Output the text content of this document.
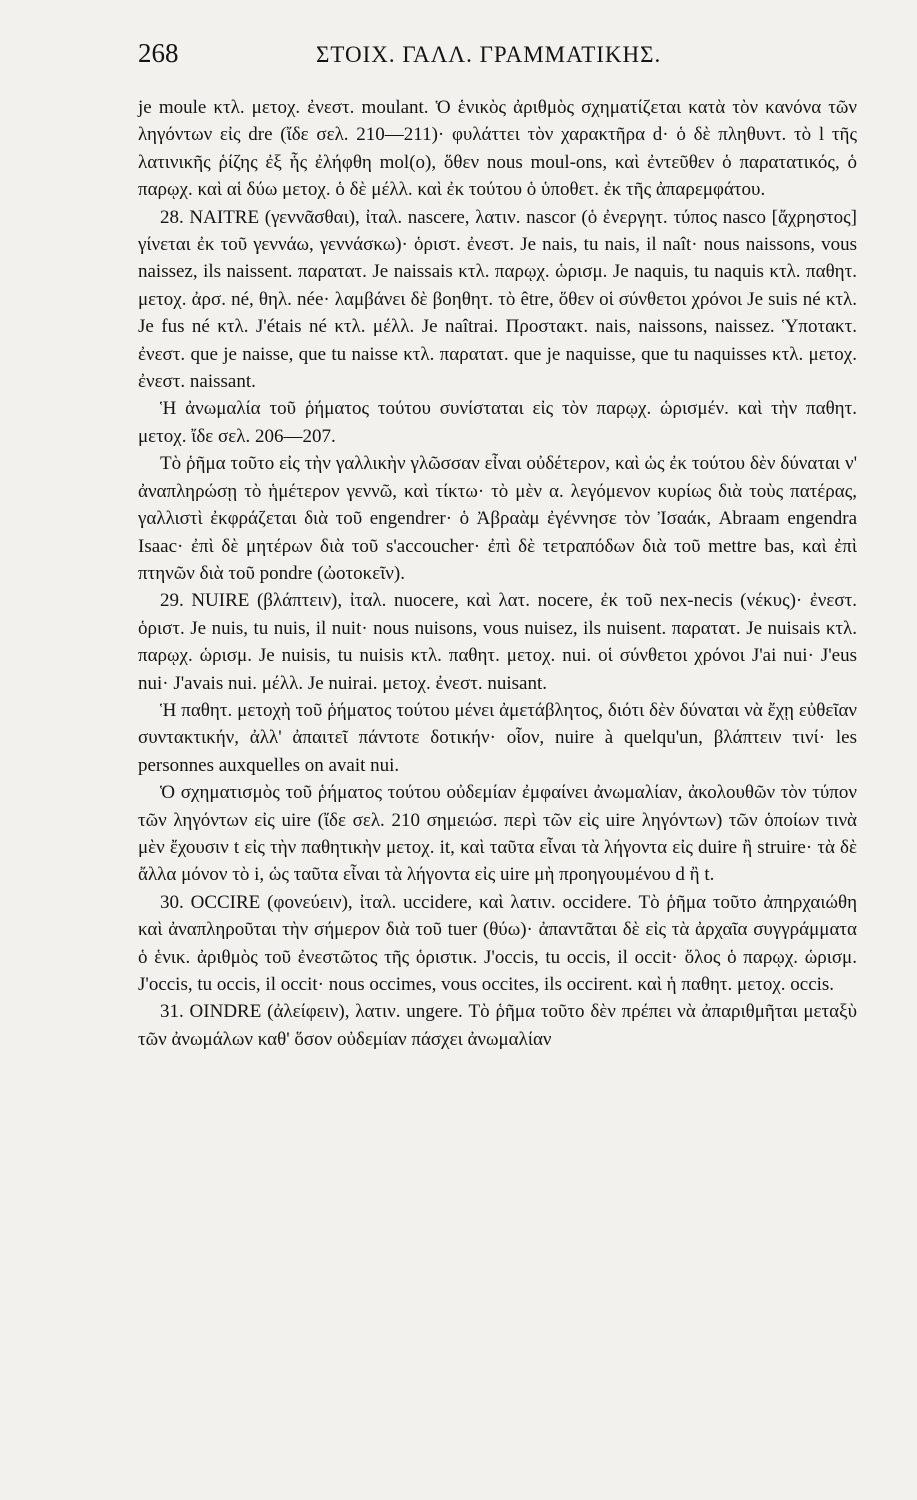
268	ΣΤΟΙΧ. ΓΑΛΛ. ΓΡΑΜΜΑΤΙΚΗΣ.

je moule κτλ. μετοχ. ἐνεστ. moulant. Ὁ ἑνικὸς ἀριθμὸς σχηματίζεται κατὰ τὸν κανόνα τῶν ληγόντων εἰς dre (ἴδε σελ. 210—211)· φυλάττει τὸν χαρακτῆρα d· ὁ δὲ πληθυντ. τὸ l τῆς λατινικῆς ῥίζης ἐξ ἧς ἐλήφθη mol(o), ὅθεν nous moul-ons, καὶ ἐντεῦθεν ὁ παρατατικός, ὁ παρῳχ. καὶ αἱ δύω μετοχ. ὁ δὲ μέλλ. καὶ ἐκ τούτου ὁ ὑποθετ. ἐκ τῆς ἀπαρεμφάτου.

28. NAITRE (γεννᾶσθαι), ἰταλ. nascere, λατιν. nascor (ὁ ἐνεργητ. τύπος nasco [ἄχρηστος] γίνεται ἐκ τοῦ γεννάω, γεννάσκω)· ὁριστ. ἐνεστ. Je nais, tu nais, il naît· nous naissons, vous naissez, ils naissent. παρατατ. Je naissais κτλ. παρῳχ. ὡρισμ. Je naquis, tu naquis κτλ. παθητ. μετοχ. ἀρσ. né, θηλ. née· λαμβάνει δὲ βοηθητ. τὸ être, ὅθεν οἱ σύνθετοι χρόνοι Je suis né κτλ. Je fus né κτλ. J'étais né κτλ. μέλλ. Je naîtrai. Προστακτ. nais, naissons, naissez. Ὑποτακτ. ἐνεστ. que je naisse, que tu naisse κτλ. παρατατ. que je naquisse, que tu naquisses κτλ. μετοχ. ἐνεστ. naissant.

Ἡ ἀνωμαλία τοῦ ῥήματος τούτου συνίσταται εἰς τὸν παρῳχ. ὡρισμέν. καὶ τὴν παθητ. μετοχ. ἴδε σελ. 206—207.

Τὸ ῥῆμα τοῦτο εἰς τὴν γαλλικὴν γλῶσσαν εἶναι οὐδέτερον, καὶ ὡς ἐκ τούτου δὲν δύναται ν' ἀναπληρώσῃ τὸ ἡμέτερον γεννῶ, καὶ τίκτω· τὸ μὲν α. λεγόμενον κυρίως διὰ τοὺς πατέρας, γαλλιστὶ ἐκφράζεται διὰ τοῦ engendrer· ὁ Ἀβραὰμ ἐγέννησε τὸν Ἰσαάκ, Abraam engendra Isaac· ἐπὶ δὲ μητέρων διὰ τοῦ s'accoucher· ἐπὶ δὲ τετραπόδων διὰ τοῦ mettre bas, καὶ ἐπὶ πτηνῶν διὰ τοῦ pondre (ὠοτοκεῖν).

29. NUIRE (βλάπτειν), ἰταλ. nuocere, καὶ λατ. nocere, ἐκ τοῦ nex-necis (νέκυς)· ἐνεστ. ὁριστ. Je nuis, tu nuis, il nuit· nous nuisons, vous nuisez, ils nuisent. παρατατ. Je nuisais κτλ. παρῳχ. ὡρισμ. Je nuisis, tu nuisis κτλ. παθητ. μετοχ. nui. οἱ σύνθετοι χρόνοι J'ai nui· J'eus nui· J'avais nui. μέλλ. Je nuirai. μετοχ. ἐνεστ. nuisant.

Ἡ παθητ. μετοχὴ τοῦ ῥήματος τούτου μένει ἀμετάβλητος, διότι δὲν δύναται νὰ ἔχῃ εὐθεῖαν συντακτικήν, ἀλλ' ἀπαιτεῖ πάντοτε δοτικήν· οἷον, nuire à quelqu'un, βλάπτειν τινί· les personnes auxquelles on avait nui.

Ὁ σχηματισμὸς τοῦ ῥήματος τούτου οὐδεμίαν ἐμφαίνει ἀνωμαλίαν, ἀκολουθῶν τὸν τύπον τῶν ληγόντων εἰς uire (ἴδε σελ. 210 σημειώσ. περὶ τῶν εἰς uire ληγόντων) τῶν ὁποίων τινὰ μὲν ἔχουσιν t εἰς τὴν παθητικὴν μετοχ. it, καὶ ταῦτα εἶναι τὰ λήγοντα εἰς duire ἢ struire· τὰ δὲ ἄλλα μόνον τὸ i, ὡς ταῦτα εἶναι τὰ λήγοντα εἰς uire μὴ προηγουμένου d ἢ t.

30. OCCIRE (φονεύειν), ἰταλ. uccidere, καὶ λατιν. occidere. Τὸ ῥῆμα τοῦτο ἀπηρχαιώθη καὶ ἀναπληροῦται τὴν σήμερον διὰ τοῦ tuer (θύω)· ἀπαντᾶται δὲ εἰς τὰ ἀρχαῖα συγγράμματα ὁ ἑνικ. ἀριθμὸς τοῦ ἐνεστῶτος τῆς ὁριστικ. J'occis, tu occis, il occit· ὅλος ὁ παρῳχ. ὡρισμ. J'occis, tu occis, il occit· nous occimes, vous occites, ils occirent. καὶ ἡ παθητ. μετοχ. occis.

31. OINDRE (ἀλείφειν), λατιν. ungere. Τὸ ῥῆμα τοῦτο δὲν πρέπει νὰ ἀπαριθμῆται μεταξὺ τῶν ἀνωμάλων καθ' ὅσον οὐδεμίαν πάσχει ἀνωμαλίαν
